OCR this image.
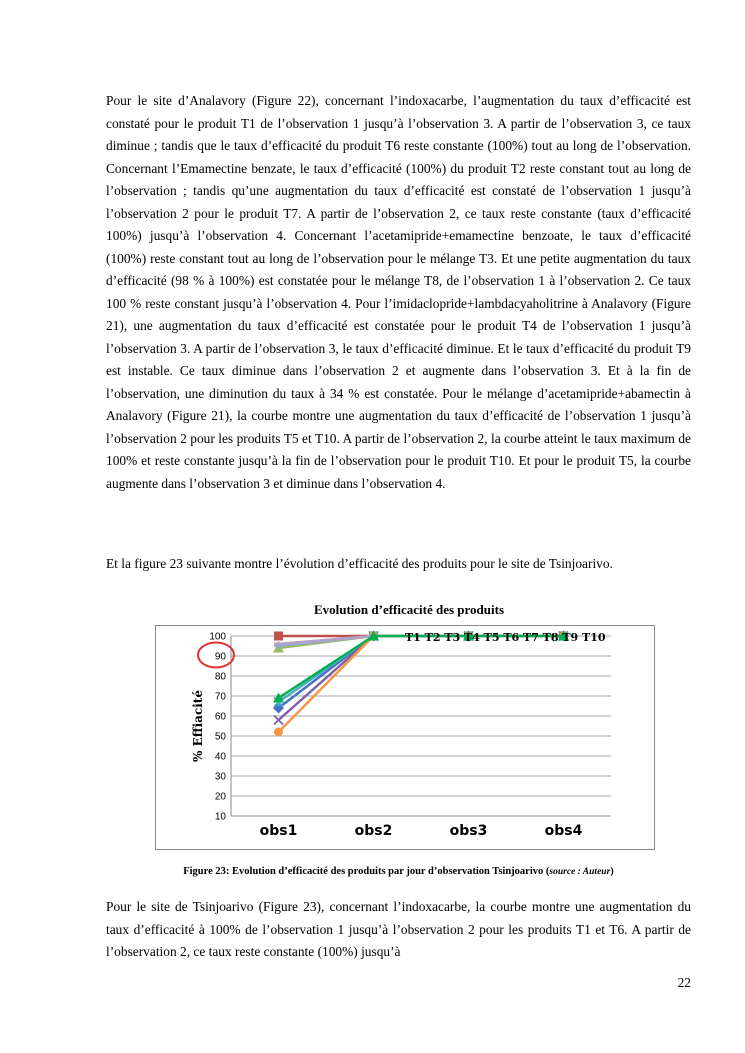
Pour le site d’Analavory (Figure 22), concernant l’indoxacarbe, l’augmentation du taux d’efficacité est constaté pour le produit T1 de l’observation 1 jusqu’à l’observation 3. A partir de l’observation 3, ce taux diminue ; tandis que le taux d’efficacité du produit T6 reste constante (100%) tout au long de l’observation. Concernant l’Emamectine benzate, le taux d’efficacité (100%) du produit T2 reste constant tout au long de l’observation ; tandis qu’une augmentation du taux d’efficacité est constaté de l’observation 1 jusqu’à l’observation 2 pour le produit T7. A partir de l’observation 2, ce taux reste constante (taux d’efficacité 100%) jusqu’à l’observation 4. Concernant l’acetamipride+emamectine benzoate, le taux d’efficacité (100%) reste constant tout au long de l’observation pour le mélange T3. Et une petite augmentation du taux d’efficacité (98 % à 100%) est constatée pour le mélange T8, de l’observation 1 à l’observation 2. Ce taux 100 % reste constant jusqu’à l’observation 4. Pour l’imidaclopride+lambdacyaholitrine à Analavory (Figure 21), une augmentation du taux d’efficacité est constatée pour le produit T4 de l’observation 1 jusqu’à l’observation 3. A partir de l’observation 3, le taux d’efficacité diminue. Et le taux d’efficacité du produit T9 est instable. Ce taux diminue dans l’observation 2 et augmente dans l’observation 3. Et à la fin de l’observation, une diminution du taux à 34 % est constatée. Pour le mélange d’acetamipride+abamectin à Analavory (Figure 21), la courbe montre une augmentation du taux d’efficacité de l’observation 1 jusqu’à l’observation 2 pour les produits T5 et T10. A partir de l’observation 2, la courbe atteint le taux maximum de 100% et reste constante jusqu’à la fin de l’observation pour le produit T10. Et pour le produit T5, la courbe augmente dans l’observation 3 et diminue dans l’observation 4.

Et la figure 23 suivante montre l’évolution d’efficacité des produits pour le site de Tsinjoarivo.

Evolution d’efficacité des produits
10
20
30
40
50
60
70
80
90
100
obs1	obs2	obs3	obs4
% Effiacité
T1 T2 T3 T4 T5 T6 T7 T8 T9 T10
Figure 23: Evolution d’efficacité des produits par jour d’observation Tsinjoarivo (source : Auteur)

Pour le site de Tsinjoarivo (Figure 23), concernant l’indoxacarbe, la courbe montre une augmentation du taux d’efficacité à 100% de l’observation 1 jusqu’à l’observation 2 pour les produits T1 et T6. A partir de l’observation 2, ce taux reste constante (100%) jusqu’à

22
